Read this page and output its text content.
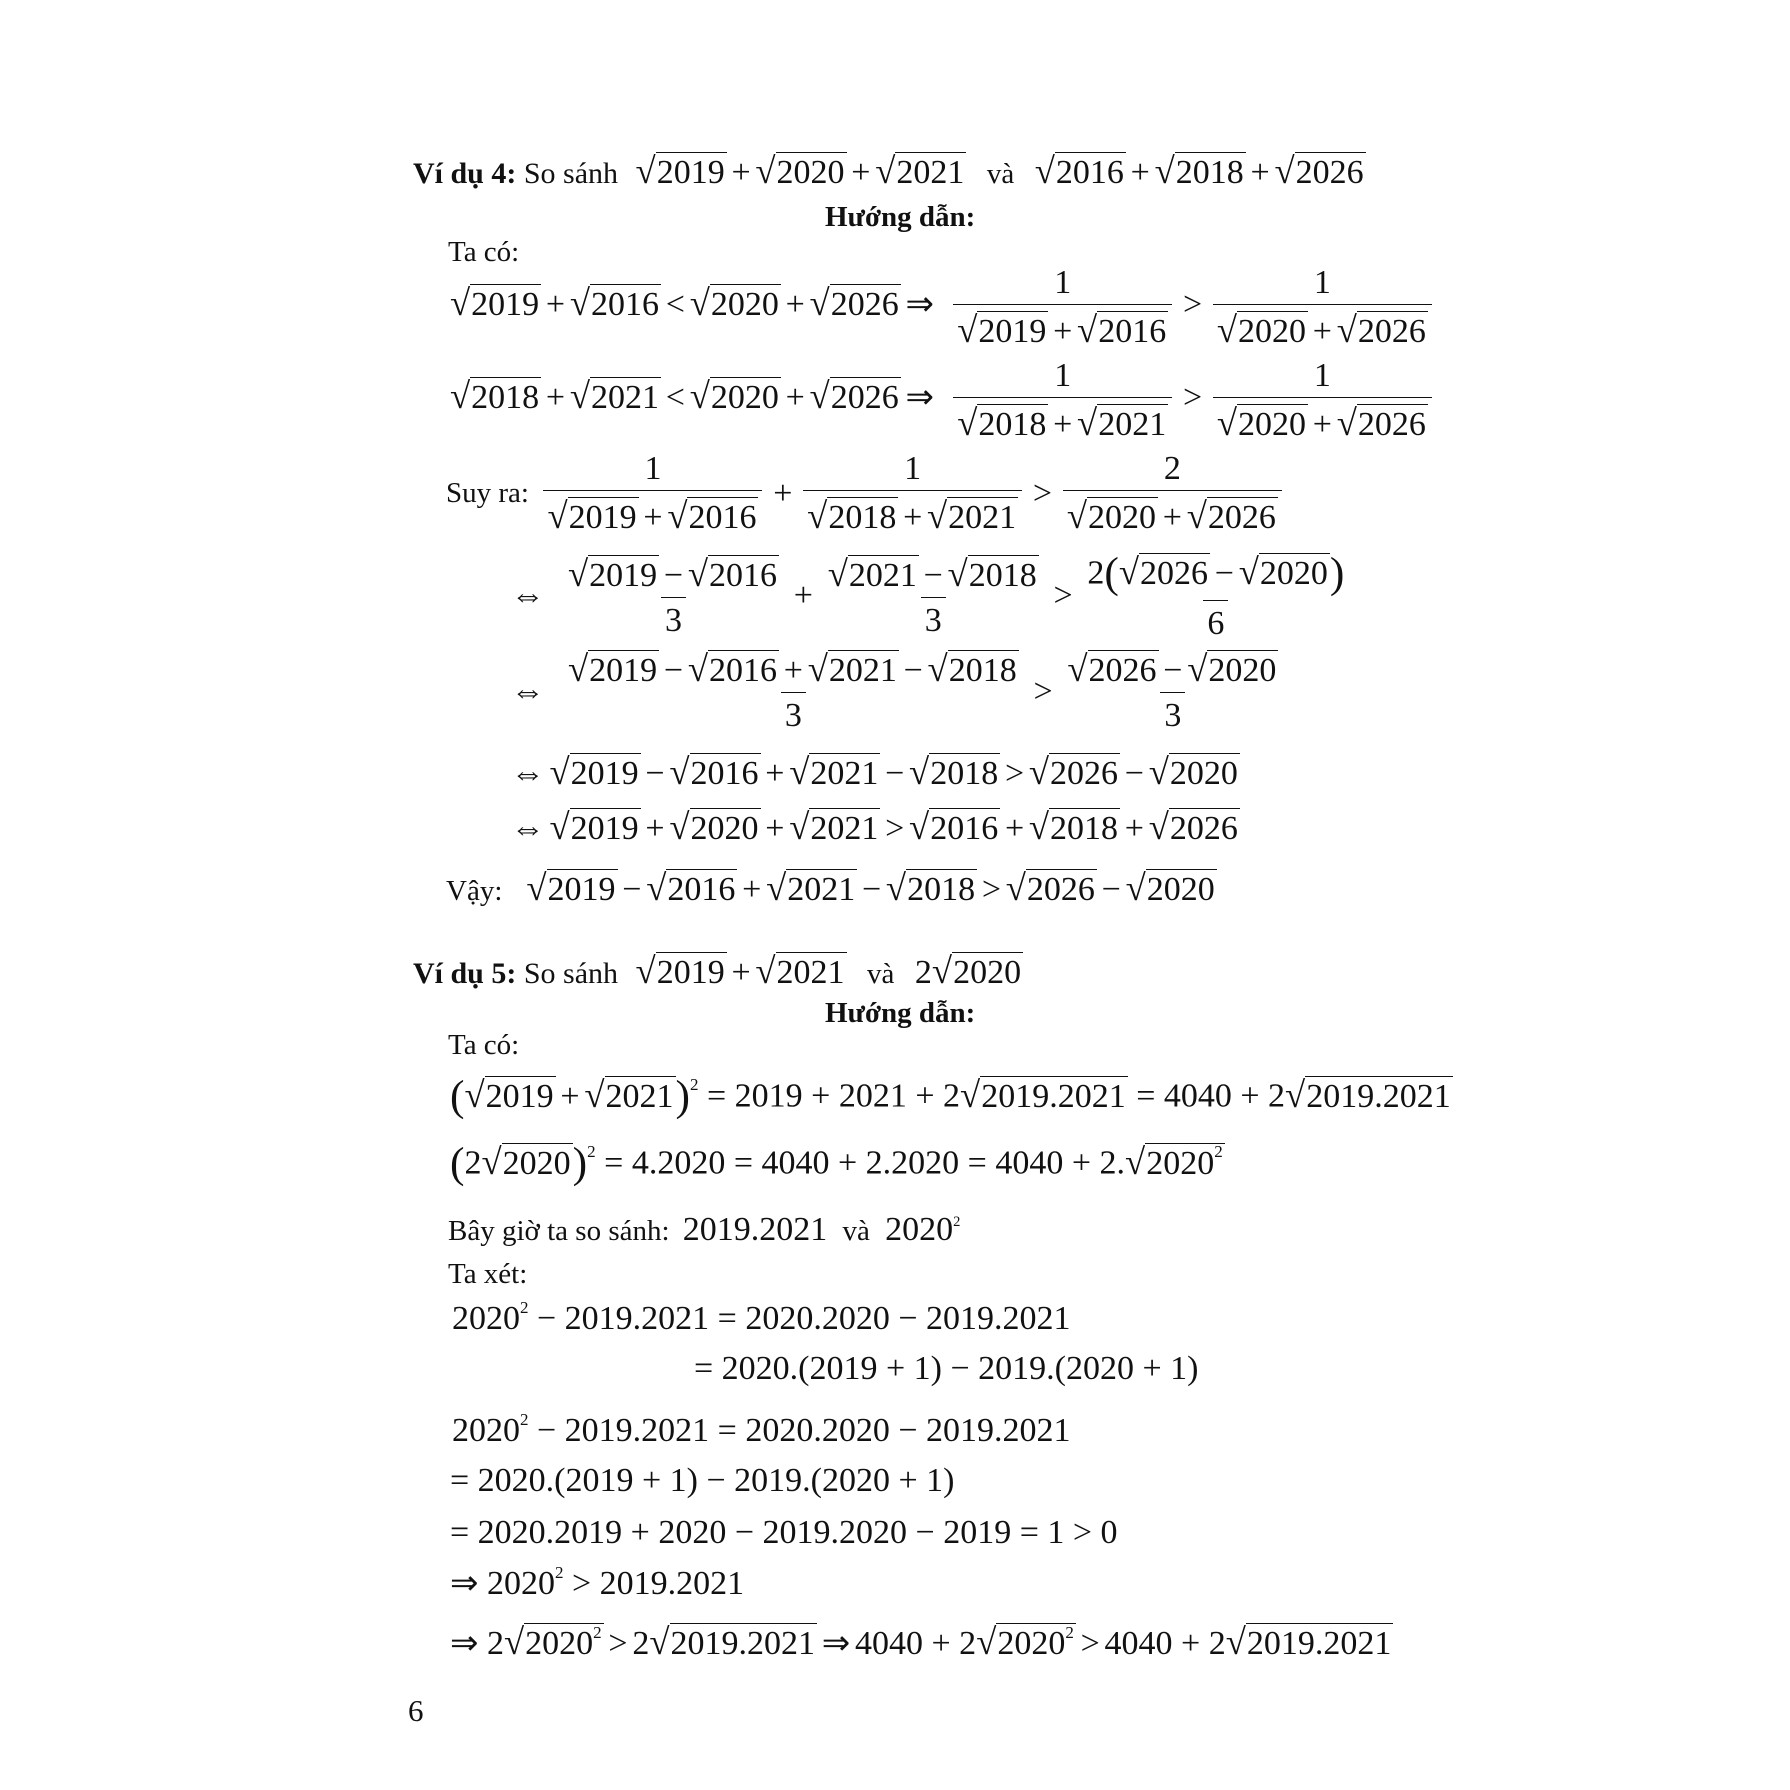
Ví dụ 4: So sánh √2019 + √2020 + √2021 và √2016 + √2018 + √2026
Hướng dẫn:
Ta có:
√2019 + √2016 < √2020 + √2026 ⇒ $\frac{1}{√2019 + √2016} > \frac{1}{√2020 + √2026}$
√2018 + √2021 < √2020 + √2026 ⇒ $\frac{1}{√2018 + √2021} > \frac{1}{√2020 + √2026}$
Suy ra: $\frac{1}{√2019 + √2016} + \frac{1}{√2018 + √2021} > \frac{2}{√2020 + √2026}$
⇔ $\frac{√2019 - √2016}{3} + \frac{√2021 - √2018}{3} > \frac{2(√2026 - √2020)}{6}$
⇔ $\frac{√2019 - √2016 + √2021 - √2018}{3} > \frac{√2026 - √2020}{3}$
⇔ √2019 − √2016 + √2021 − √2018 > √2026 − √2020
⇔ √2019 + √2020 + √2021 > √2016 + √2018 + √2026
Vậy: √2019 − √2016 + √2021 − √2018 > √2026 − √2020
Ví dụ 5: So sánh √2019 + √2021 và 2√2020
Hướng dẫn:
Ta có:
$(√2019 + √2021)^2 = 2019 + 2021 + 2√2019.2021 = 4040 + 2√2019.2021$
$(2√2020)^2 = 4.2020 = 4040 + 2.2020 = 4040 + 2.√2020^2$
Bây giờ ta so sánh: 2019.2021 và 2020$^2$
Ta xét:
$2020^2 - 2019.2021 = 2020.2020 - 2019.2021$
= 2020.(2019 + 1) − 2019.(2020 + 1)
$2020^2 - 2019.2021 = 2020.2020 - 2019.2021$
= 2020.(2019 + 1) − 2019.(2020 + 1)
= 2020.2019 + 2020 − 2019.2020 − 2019 = 1 > 0
⇒ $2020^2 > 2019.2021$
⇒ $2√2020^2 > 2√2019.2021$ ⇒ $4040 + 2√2020^2 > 4040 + 2√2019.2021$
6
